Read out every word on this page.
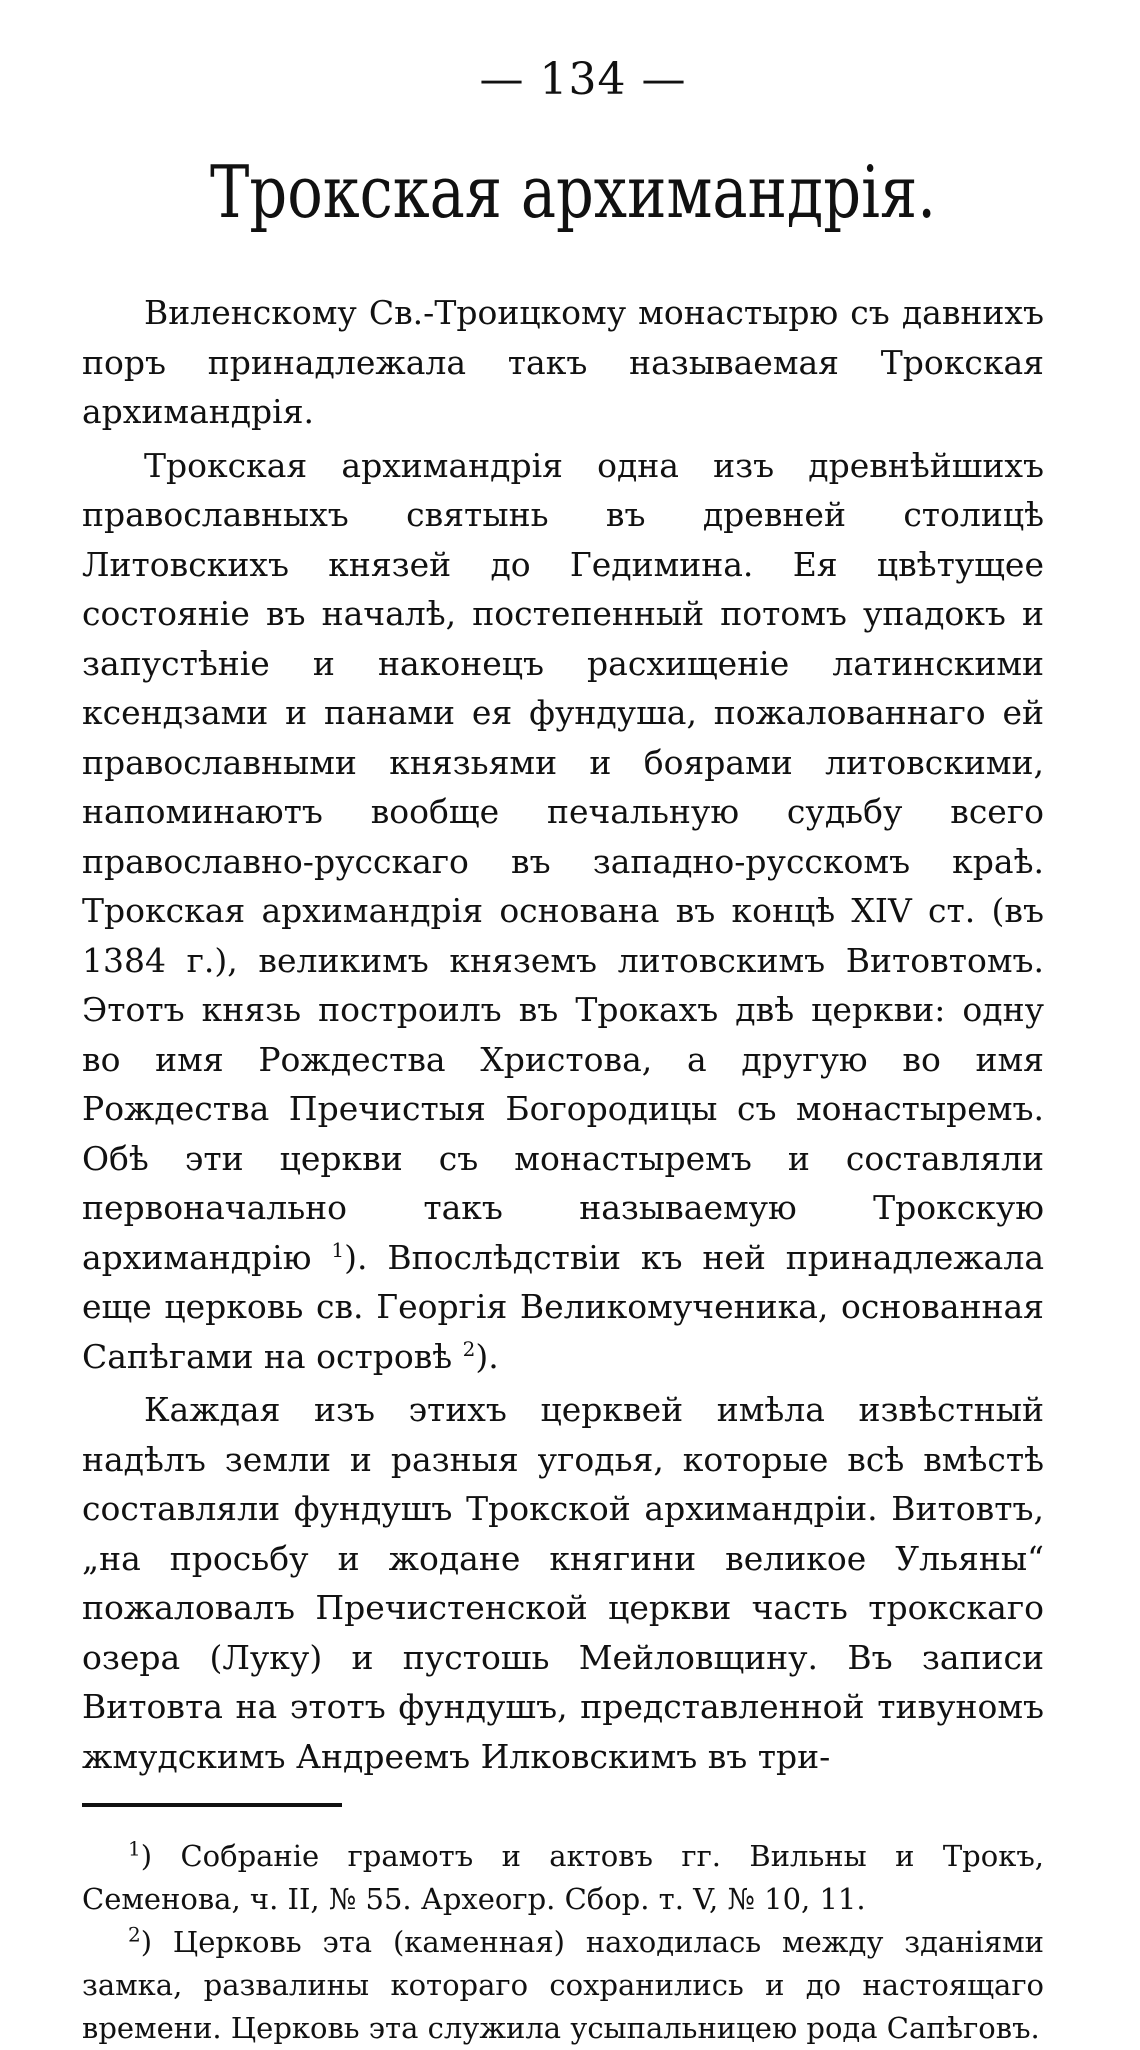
— 134 —
Трокская архимандрія.

Виленскому Св.-Троицкому монастырю съ давнихъ поръ принадлежала такъ называемая Трокская архимандрія.

Трокская архимандрія одна изъ древнѣйшихъ православныхъ святынь въ древней столицѣ Литовскихъ князей до Гедимина. Ея цвѣтущее состояніе въ началѣ, постепенный потомъ упадокъ и запустѣніе и наконецъ расхищеніе латинскими ксендзами и панами ея фундуша, пожалованнаго ей православными князьями и боярами литовскими, напоминаютъ вообще печальную судьбу всего православно-русскаго въ западно-русскомъ краѣ. Трокская архимандрія основана въ концѣ XIV ст. (въ 1384 г.), великимъ княземъ литовскимъ Витовтомъ. Этотъ князь построилъ въ Трокахъ двѣ церкви: одну во имя Рождества Христова, а другую во имя Рождества Пречистыя Богородицы съ монастыремъ. Обѣ эти церкви съ монастыремъ и составляли первоначально такъ называемую Трокскую архимандрію $^1$). Впослѣдствіи къ ней принадлежала еще церковь св. Георгія Великомученика, основанная Сапѣгами на островѣ $^2$).

Каждая изъ этихъ церквей имѣла извѣстный надѣлъ земли и разныя угодья, которые всѣ вмѣстѣ составляли фундушъ Трокской архимандріи. Витовтъ, „на просьбу и жодане княгини великое Ульяны“ пожаловалъ Пречистенской церкви часть трокскаго озера (Луку) и пустошь Мейловщину. Въ записи Витовта на этотъ фундушъ, представленной тивуномъ жмудскимъ Андреемъ Илковскимъ въ три-

$^1$) Собраніе грамотъ и актовъ гг. Вильны и Трокъ, Семенова, ч. II, № 55. Археогр. Сбор. т. V, № 10, 11.

$^2$) Церковь эта (каменная) находилась между зданіями замка, развалины котораго сохранились и до настоящаго времени. Церковь эта служила усыпальницею рода Сапѣговъ.
